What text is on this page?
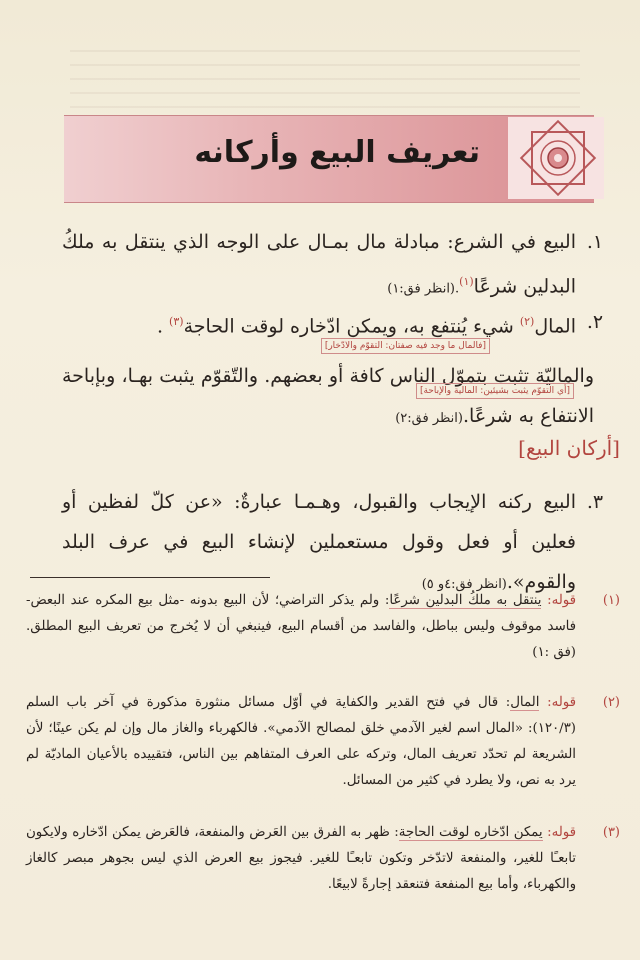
تعريف البيع وأركانه
١.
البيع في الشرع: مبادلة مال بمـال على الوجه الذي ينتقل به ملكُ البدلين شرعًا$^{(١)}$.(انظر فق:١)
٢.
المال$^{(٢)}$ شيء يُنتفع به، ويمكن ادّخاره لوقت الحاجة$^{(٣)}$ .
[فالمال ما وجد فيه صفتان: التقوّم والادّخار]
والماليّة تثبت بتموّل الناس كافة أو بعضهم. والتّقوّم يثبت بهـا، وبإباحة الانتفاع به شرعًا.(انظر فق:٢)
[أي التقوّم يثبت بشيئين: المالية والإباحة]
[أركان البيع]
٣.
البيع ركنه الإيجاب والقبول، وهـمـا عبارةٌ: «عن كلّ لفظين أو فعلين أو فعل وقول مستعملين لإنشاء البيع في عرف البلد والقوم».(انظر فق:٤و ٥)
(١)
قوله: ينتقل به ملكُ البدلين شرعًا: ولم يذكر التراضي؛ لأن البيع بدونه -مثل بيع المكره عند البعض- فاسد موقوف وليس بباطل، والفاسد من أقسام البيع، فينبغي أن لا يُخرج من تعريف البيع المطلق.(فق :١)
(٢)
قوله: المال: قال في فتح القدير والكفاية في أوّل مسائل منثورة مذكورة في آخر باب السلم (١٢٠/٣): «المال اسم لغير الآدمي خلق لمصالح الآدمي». فالكهرباء والغاز مال وإن لم يكن عينًا؛ لأن الشريعة لم تحدّد تعريف المال، وتركه على العرف المتفاهم بين الناس، فتقييده بالأعيان الماديّة لم يرد به نص، ولا يطرد في كثير من المسائل.
(٣)
قوله: يمكن ادّخاره لوقت الحاجة: ظهر به الفرق بين العَرض والمنفعة، فالعَرض يمكن ادّخاره ولايكون تابعـًا للغير، والمنفعة لاتدّخر وتكون تابعـًا للغير. فيجوز بيع العرض الذي ليس بجوهر مبصر كالغاز والكهرباء، وأما بيع المنفعة فتنعقد إجارةً لابيعًا.
